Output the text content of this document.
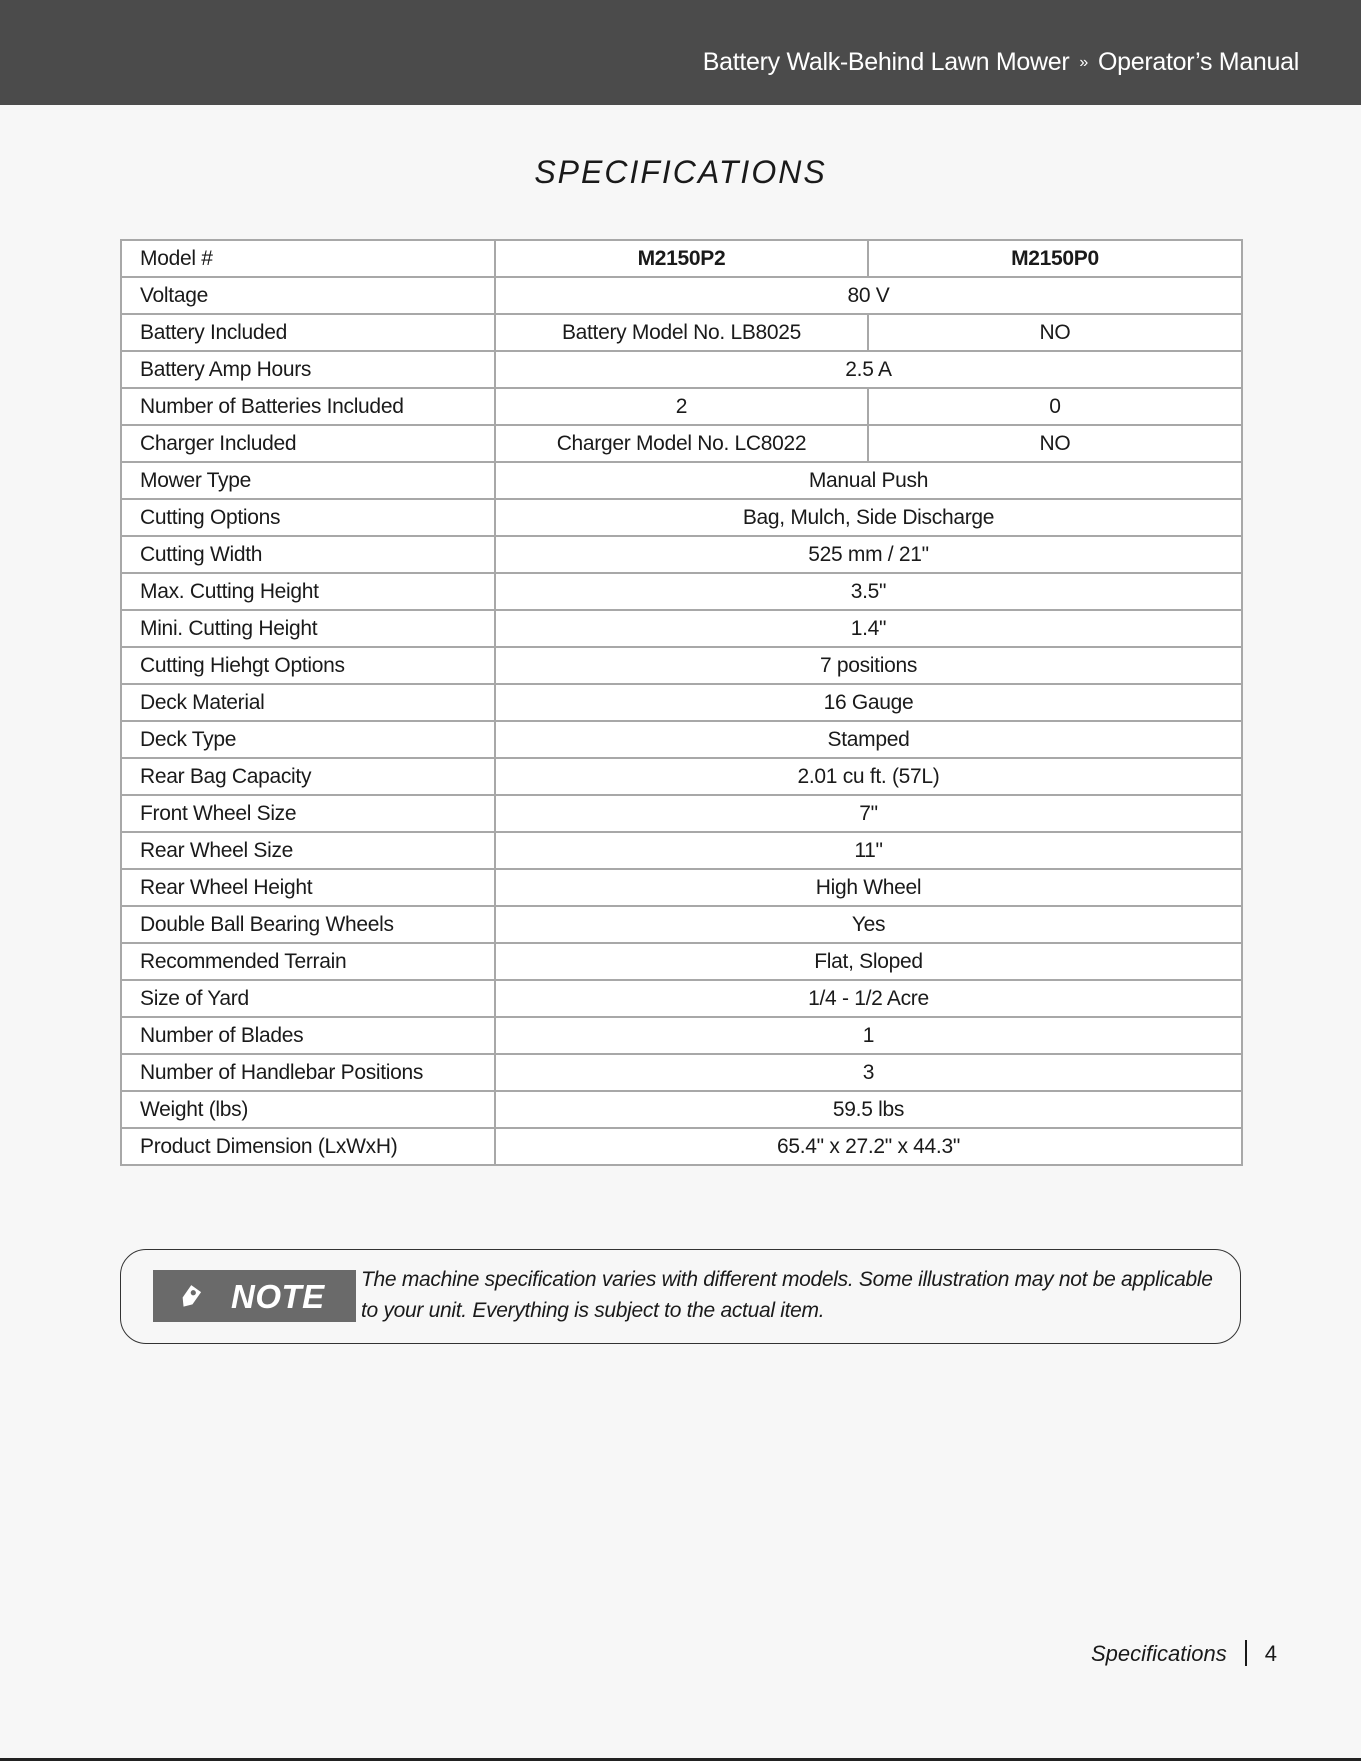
Battery Walk-Behind Lawn Mower » Operator’s Manual
SPECIFICATIONS
Model #	M2150P2	M2150P0
Voltage	80 V	
Battery Included	Battery Model No. LB8025	NO
Battery Amp Hours	2.5 A	
Number of Batteries Included	2	0
Charger Included	Charger Model No. LC8022	NO
Mower Type	Manual Push	
Cutting Options	Bag, Mulch, Side Discharge	
Cutting Width	525 mm / 21"	
Max. Cutting Height	3.5"	
Mini. Cutting Height	1.4"	
Cutting Hiehgt Options	7 positions	
Deck Material	16 Gauge	
Deck Type	Stamped	
Rear Bag Capacity	2.01 cu ft. (57L)	
Front Wheel Size	7"	
Rear Wheel Size	11"	
Rear Wheel Height	High Wheel	
Double Ball Bearing Wheels	Yes	
Recommended Terrain	Flat, Sloped	
Size of Yard	1/4 - 1/2 Acre	
Number of Blades	1	
Number of Handlebar Positions	3	
Weight (lbs)	59.5 lbs	
Product Dimension (LxWxH)	65.4" x 27.2" x 44.3"	
NOTE The machine specification varies with different models. Some illustration may not be applicable to your unit. Everything is subject to the actual item.
Specifications 4
